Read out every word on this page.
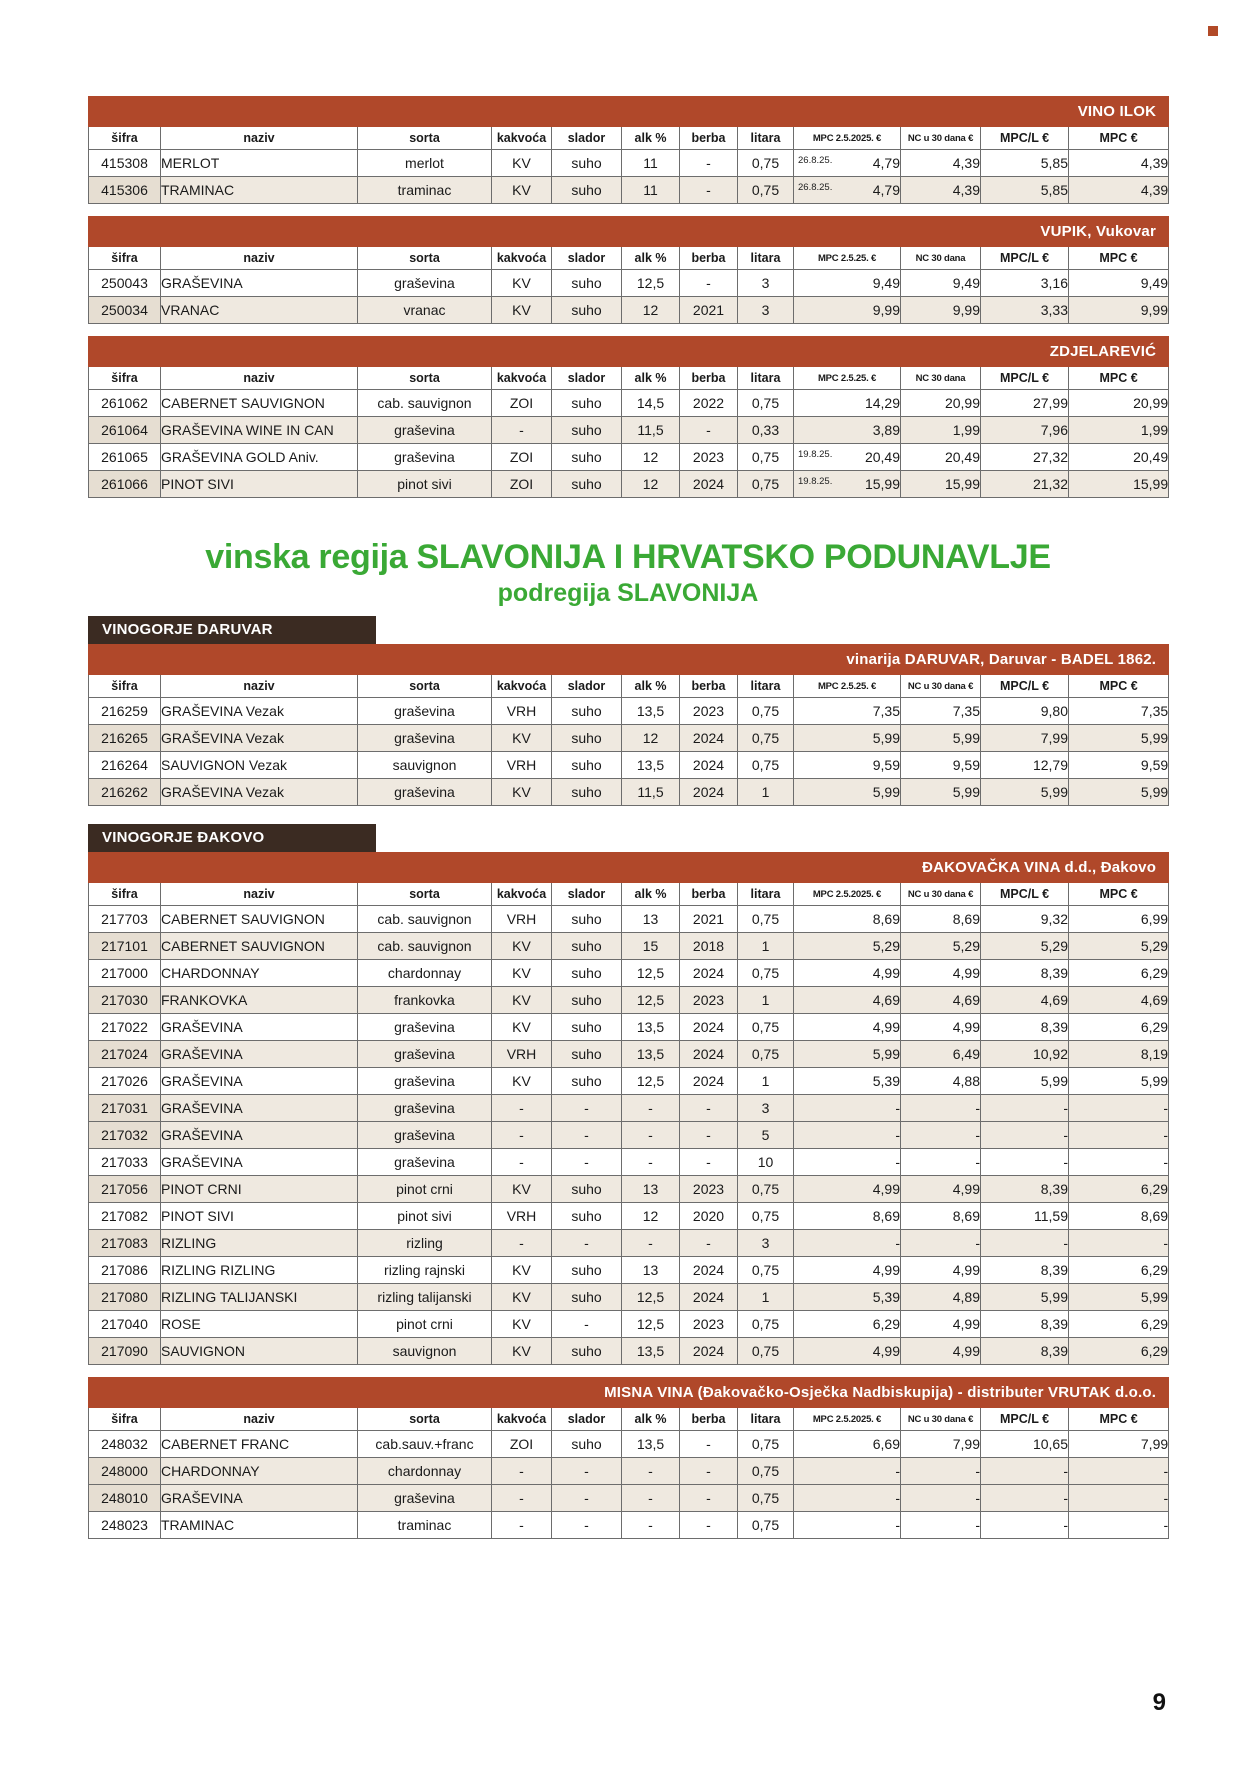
VINO ILOK											
šifra	naziv	sorta	kakvoća	slador	alk %	berba	litara	MPC 2.5.2025. €	NC u 30 dana €	MPC/L €	MPC €
415308	MERLOT	merlot	KV	suho	11	-	0,75	26.8.25. 4,79	4,39	5,85	4,39
415306	TRAMINAC	traminac	KV	suho	11	-	0,75	26.8.25. 4,79	4,39	5,85	4,39
VUPIK, Vukovar											
šifra	naziv	sorta	kakvoća	slador	alk %	berba	litara	MPC 2.5.25. €	NC 30 dana	MPC/L €	MPC €
250043	GRAŠEVINA	graševina	KV	suho	12,5	-	3	9,49	9,49	3,16	9,49
250034	VRANAC	vranac	KV	suho	12	2021	3	9,99	9,99	3,33	9,99
ZDJELAREVIĆ											
šifra	naziv	sorta	kakvoća	slador	alk %	berba	litara	MPC 2.5.25. €	NC 30 dana	MPC/L €	MPC €
261062	CABERNET SAUVIGNON	cab. sauvignon	ZOI	suho	14,5	2022	0,75	14,29	20,99	27,99	20,99
261064	GRAŠEVINA WINE IN CAN	graševina	-	suho	11,5	-	0,33	3,89	1,99	7,96	1,99
261065	GRAŠEVINA GOLD Aniv.	graševina	ZOI	suho	12	2023	0,75	19.8.25. 20,49	20,49	27,32	20,49
261066	PINOT SIVI	pinot sivi	ZOI	suho	12	2024	0,75	19.8.25. 15,99	15,99	21,32	15,99
vinska regija SLAVONIJA I HRVATSKO PODUNAVLJE
podregija SLAVONIJA
VINOGORJE DARUVAR
vinarija DARUVAR, Daruvar - BADEL 1862.											
šifra	naziv	sorta	kakvoća	slador	alk %	berba	litara	MPC 2.5.25. €	NC u 30 dana €	MPC/L €	MPC €
216259	GRAŠEVINA Vezak	graševina	VRH	suho	13,5	2023	0,75	7,35	7,35	9,80	7,35
216265	GRAŠEVINA Vezak	graševina	KV	suho	12	2024	0,75	5,99	5,99	7,99	5,99
216264	SAUVIGNON Vezak	sauvignon	VRH	suho	13,5	2024	0,75	9,59	9,59	12,79	9,59
216262	GRAŠEVINA Vezak	graševina	KV	suho	11,5	2024	1	5,99	5,99	5,99	5,99
VINOGORJE ĐAKOVO
ĐAKOVAČKA VINA d.d., Đakovo											
šifra	naziv	sorta	kakvoća	slador	alk %	berba	litara	MPC 2.5.2025. €	NC u 30 dana €	MPC/L €	MPC €
217703	CABERNET SAUVIGNON	cab. sauvignon	VRH	suho	13	2021	0,75	8,69	8,69	9,32	6,99
217101	CABERNET SAUVIGNON	cab. sauvignon	KV	suho	15	2018	1	5,29	5,29	5,29	5,29
217000	CHARDONNAY	chardonnay	KV	suho	12,5	2024	0,75	4,99	4,99	8,39	6,29
217030	FRANKOVKA	frankovka	KV	suho	12,5	2023	1	4,69	4,69	4,69	4,69
217022	GRAŠEVINA	graševina	KV	suho	13,5	2024	0,75	4,99	4,99	8,39	6,29
217024	GRAŠEVINA	graševina	VRH	suho	13,5	2024	0,75	5,99	6,49	10,92	8,19
217026	GRAŠEVINA	graševina	KV	suho	12,5	2024	1	5,39	4,88	5,99	5,99
217031	GRAŠEVINA	graševina	-	-	-	-	3	-	-	-	-
217032	GRAŠEVINA	graševina	-	-	-	-	5	-	-	-	-
217033	GRAŠEVINA	graševina	-	-	-	-	10	-	-	-	-
217056	PINOT CRNI	pinot crni	KV	suho	13	2023	0,75	4,99	4,99	8,39	6,29
217082	PINOT SIVI	pinot sivi	VRH	suho	12	2020	0,75	8,69	8,69	11,59	8,69
217083	RIZLING	rizling	-	-	-	-	3	-	-	-	-
217086	RIZLING RIZLING	rizling rajnski	KV	suho	13	2024	0,75	4,99	4,99	8,39	6,29
217080	RIZLING TALIJANSKI	rizling talijanski	KV	suho	12,5	2024	1	5,39	4,89	5,99	5,99
217040	ROSE	pinot crni	KV	-	12,5	2023	0,75	6,29	4,99	8,39	6,29
217090	SAUVIGNON	sauvignon	KV	suho	13,5	2024	0,75	4,99	4,99	8,39	6,29
MISNA VINA (Đakovačko-Osječka Nadbiskupija) - distributer VRUTAK d.o.o.											
šifra	naziv	sorta	kakvoća	slador	alk %	berba	litara	MPC 2.5.2025. €	NC u 30 dana €	MPC/L €	MPC €
248032	CABERNET FRANC	cab.sauv.+franc	ZOI	suho	13,5	-	0,75	6,69	7,99	10,65	7,99
248000	CHARDONNAY	chardonnay	-	-	-	-	0,75	-	-	-	-
248010	GRAŠEVINA	graševina	-	-	-	-	0,75	-	-	-	-
248023	TRAMINAC	traminac	-	-	-	-	0,75	-	-	-	-
9
